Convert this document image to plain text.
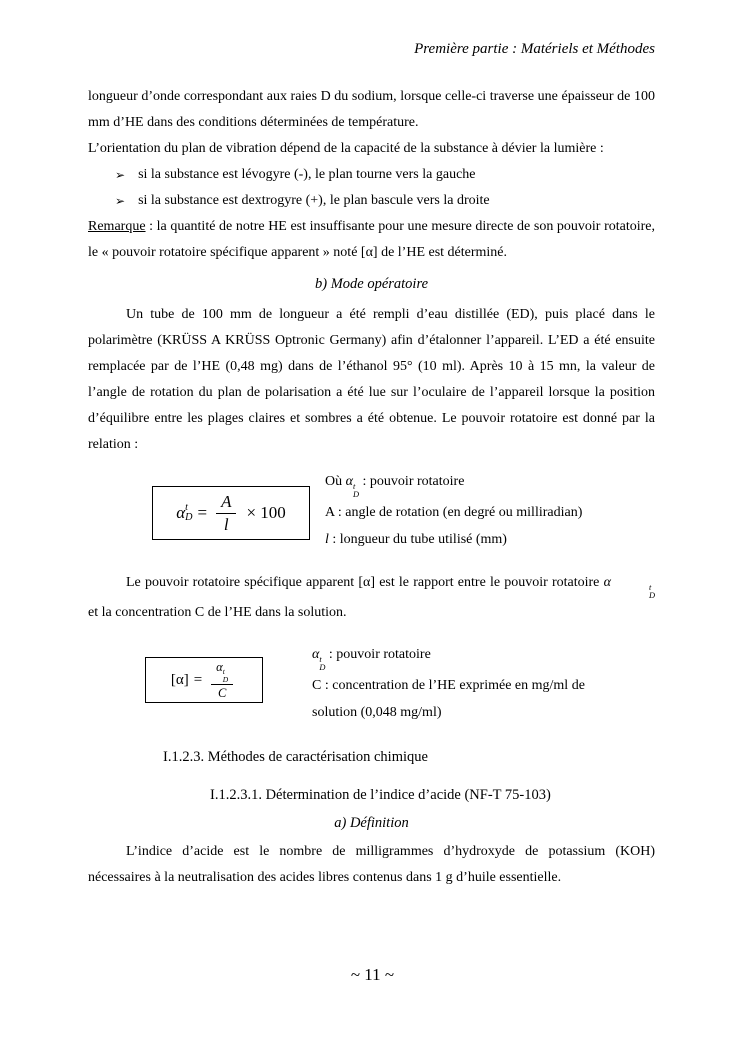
Première partie : Matériels et Méthodes

longueur d’onde correspondant aux raies D du sodium, lorsque celle-ci traverse une épaisseur de 100 mm d’HE dans des conditions déterminées de température.

L’orientation du plan de vibration dépend de la capacité de la substance à dévier la lumière :

➢ si la substance est lévogyre (-), le plan tourne vers la gauche
➢ si la substance est dextrogyre (+), le plan bascule vers la droite

Remarque : la quantité de notre HE est insuffisante pour une mesure directe de son pouvoir rotatoire, le « pouvoir rotatoire spécifique apparent » noté [α] de l’HE est déterminé.

b) Mode opératoire

Un tube de 100 mm de longueur a été rempli d’eau distillée (ED), puis placé dans le polarimètre (KRÜSS A KRÜSS Optronic Germany) afin d’étalonner l’appareil. L’ED a été ensuite remplacée par de l’HE (0,48 mg) dans de l’éthanol 95° (10 ml). Après 10 à 15 mn, la valeur de l’angle de rotation du plan de polarisation a été lue sur l’oculaire de l’appareil lorsque la position d’équilibre entre les plages claires et sombres a été obtenue. Le pouvoir rotatoire est donné par la relation :

α t
$D = \frac{A}{l} \times 100$
Où α t
D
: pouvoir rotatoire
A : angle de rotation (en degré ou milliradian)
l : longueur du tube utilisé (mm)

Le pouvoir rotatoire spécifique apparent [α] est le rapport entre le pouvoir rotatoire α	t
D
et la concentration C de l’HE dans la solution.

[α] = α t
D
C
α t
D
: pouvoir rotatoire
C : concentration de l’HE exprimée en mg/ml de solution (0,048 mg/ml)
I.1.2.3. Méthodes de caractérisation chimique
I.1.2.3.1. Détermination de l’indice d’acide (NF-T 75-103)
a) Définition

L’indice d’acide est le nombre de milligrammes d’hydroxyde de potassium (KOH) nécessaires à la neutralisation des acides libres contenus dans 1 g d’huile essentielle.

~ 11 ~
